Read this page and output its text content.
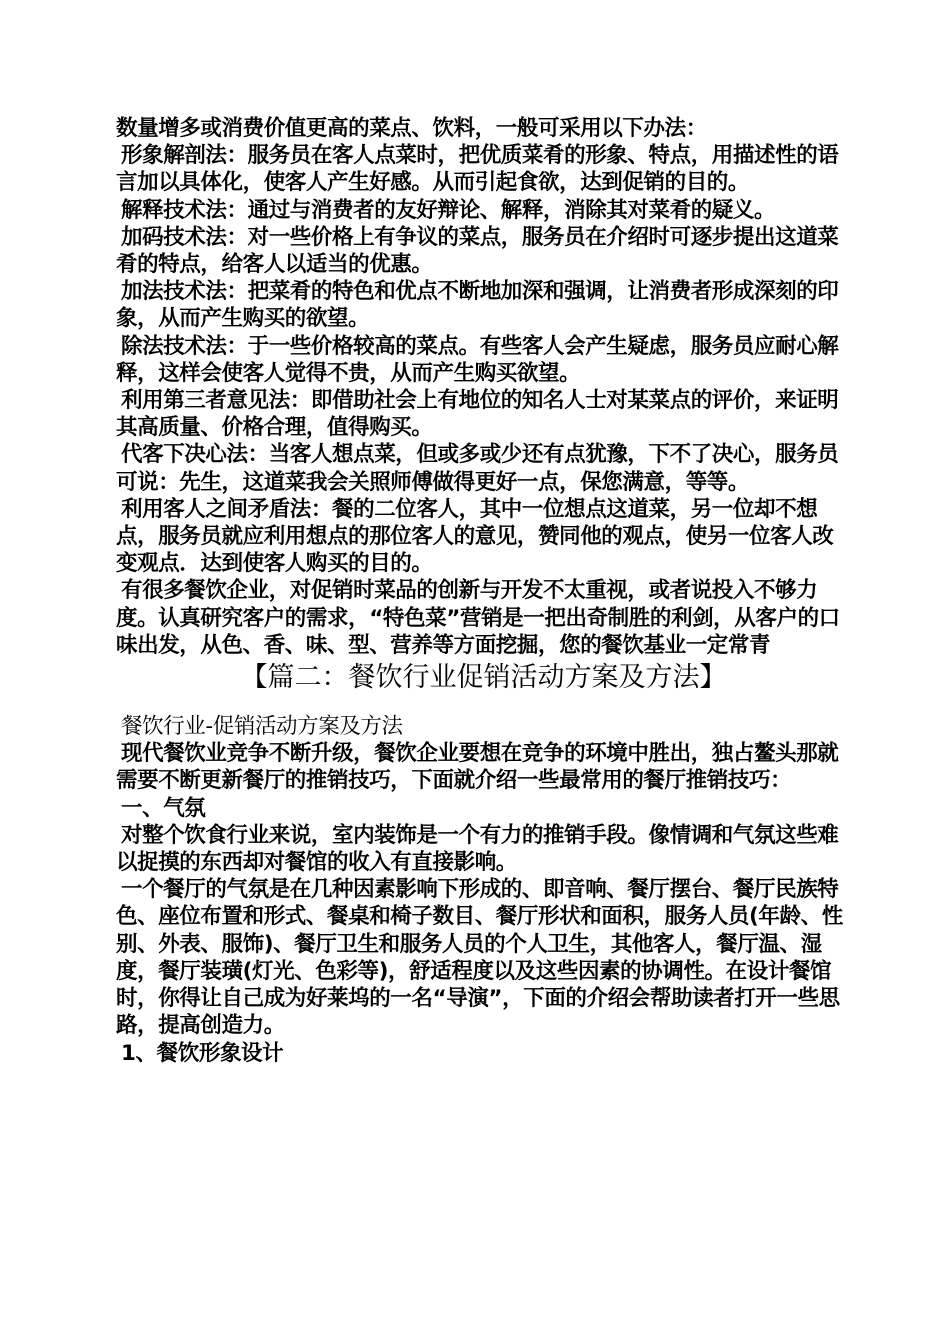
数量增多或消费价值更高的菜点、饮料，一般可采用以下办法：

形象解剖法：服务员在客人点菜时，把优质菜肴的形象、特点，用描述性的语言加以具体化，使客人产生好感。从而引起食欲，达到促销的目的。

解释技术法：通过与消费者的友好辩论、解释，消除其对菜肴的疑义。

加码技术法：对一些价格上有争议的菜点，服务员在介绍时可逐步提出这道菜肴的特点，给客人以适当的优惠。

加法技术法：把菜肴的特色和优点不断地加深和强调，让消费者形成深刻的印象，从而产生购买的欲望。

除法技术法：于一些价格较高的菜点。有些客人会产生疑虑，服务员应耐心解释，这样会使客人觉得不贵，从而产生购买欲望。

利用第三者意见法：即借助社会上有地位的知名人士对某菜点的评价，来证明其高质量、价格合理，值得购买。

代客下决心法：当客人想点菜，但或多或少还有点犹豫，下不了决心，服务员可说：先生，这道菜我会关照师傅做得更好一点，保您满意，等等。

利用客人之间矛盾法：餐的二位客人，其中一位想点这道菜，另一位却不想点，服务员就应利用想点的那位客人的意见，赞同他的观点，使另一位客人改变观点．达到使客人购买的目的。

有很多餐饮企业，对促销时菜品的创新与开发不太重视，或者说投入不够力度。认真研究客户的需求，“特色菜”营销是一把出奇制胜的利剑，从客户的口味出发，从色、香、味、型、营养等方面挖掘，您的餐饮基业一定常青

【篇二：餐饮行业促销活动方案及方法】

餐饮行业-促销活动方案及方法

现代餐饮业竞争不断升级，餐饮企业要想在竞争的环境中胜出，独占鳌头那就需要不断更新餐厅的推销技巧，下面就介绍一些最常用的餐厅推销技巧：

一、气氛

对整个饮食行业来说，室内装饰是一个有力的推销手段。像情调和气氛这些难以捉摸的东西却对餐馆的收入有直接影响。

一个餐厅的气氛是在几种因素影响下形成的、即音响、餐厅摆台、餐厅民族特色、座位布置和形式、餐桌和椅子数目、餐厅形状和面积，服务人员(年龄、性别、外表、服饰)、餐厅卫生和服务人员的个人卫生，其他客人，餐厅温、湿度，餐厅装璜(灯光、色彩等)，舒适程度以及这些因素的协调性。在设计餐馆时，你得让自己成为好莱坞的一名“导演”，下面的介绍会帮助读者打开一些思路，提高创造力。

1、餐饮形象设计
